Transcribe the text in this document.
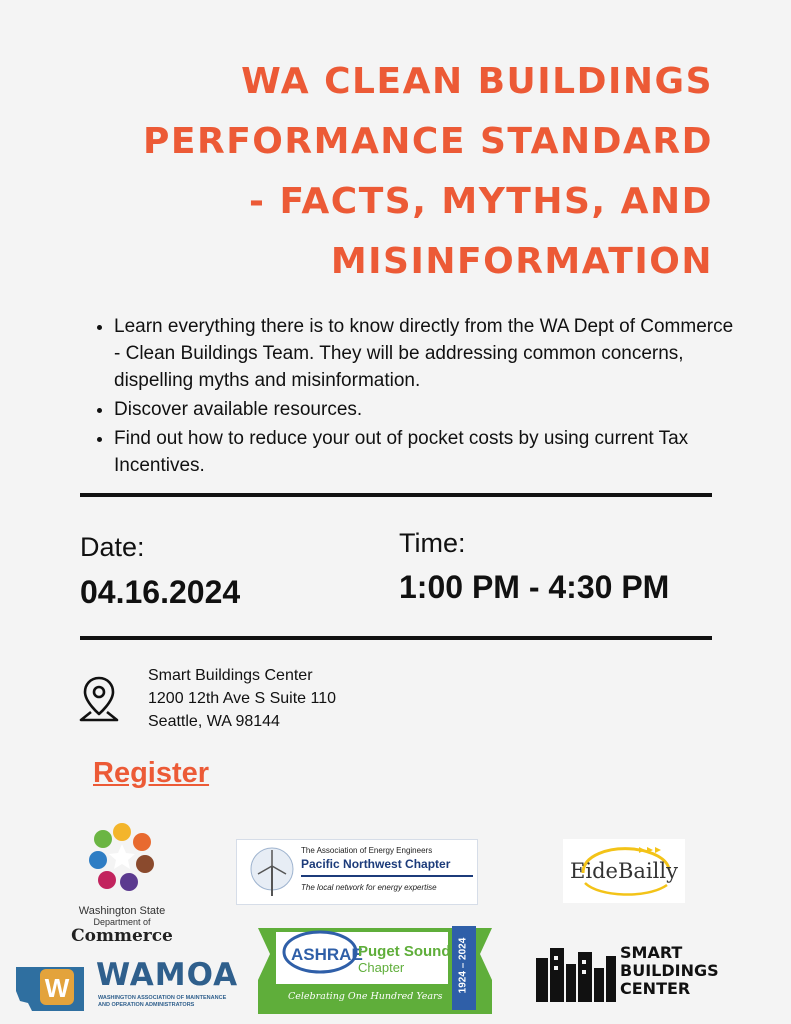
WA CLEAN BUILDINGS
PERFORMANCE STANDARD
- FACTS, MYTHS, AND
MISINFORMATION
• Learn everything there is to know directly from the WA Dept of Commerce - Clean Buildings Team. They will be addressing common concerns, dispelling myths and misinformation.
• Discover available resources.
• Find out how to reduce your out of pocket costs by using current Tax Incentives.
Date:
04.16.2024
Time:
1:00 PM - 4:30 PM
Smart Buildings Center
1200 12th Ave S Suite 110
Seattle, WA 98144
Register
Washington State
Department of
Commerce
The Association of Energy Engineers
Pacific Northwest Chapter
The local network for energy expertise
EideBailly
W WAMOA
WASHINGTON ASSOCIATION OF MAINTENANCE
AND OPERATION ADMINISTRATORS
ASHRAE
Puget Sound
Chapter	1924 – 2024
Celebrating One Hundred Years
SMART
BUILDINGS
CENTER
